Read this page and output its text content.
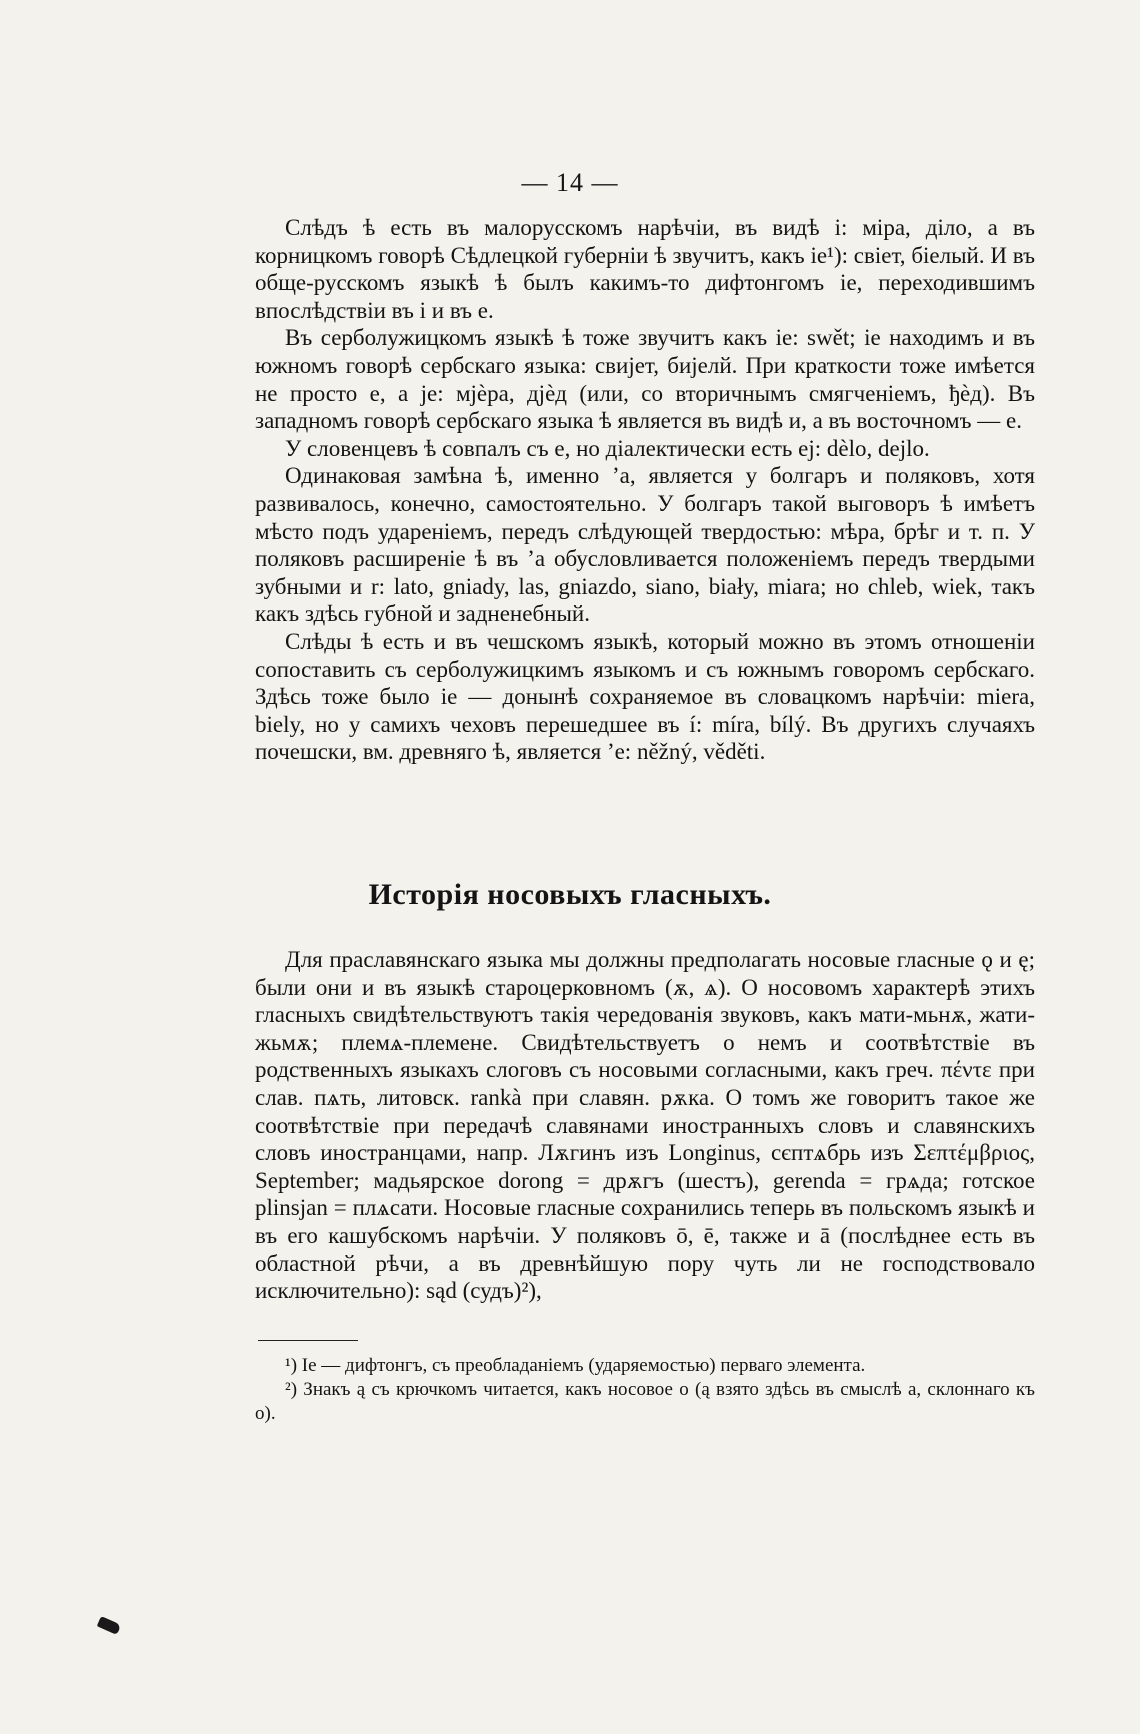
— 14 —

Слѣдъ ѣ есть въ малорусскомъ нарѣчіи, въ видѣ і: міра, діло, а въ корницкомъ говорѣ Сѣдлецкой губерніи ѣ звучитъ, какъ іе¹): свіет, біелый. И въ обще-русскомъ языкѣ ѣ былъ какимъ-то дифтонгомъ іе, переходившимъ впослѣдствіи въ і и въ е.

Въ серболужицкомъ языкѣ ѣ тоже звучитъ какъ іе: swět; іе находимъ и въ южномъ говорѣ сербскаго языка: свиjет, биjелй. При краткости тоже имѣется не просто е, а jе: мjèра, дjèд (или, со вторичнымъ смягченіемъ, ђèд). Въ западномъ говорѣ сербскаго языка ѣ является въ видѣ и, а въ восточномъ — е.

У словенцевъ ѣ совпалъ съ е, но діалектически есть еj: dèlo, dejlo.

Одинаковая замѣна ѣ, именно ʼа, является у болгаръ и поляковъ, хотя развивалось, конечно, самостоятельно. У болгаръ такой выговоръ ѣ имѣетъ мѣсто подъ удареніемъ, передъ слѣдующей твердостью: мѣра, брѣг и т. п. У поляковъ расширеніе ѣ въ ʼа обусловливается положеніемъ передъ твердыми зубными и r: lato, gniady, las, gniazdo, siano, biały, miara; но chleb, wiek, такъ какъ здѣсь губной и задненебный.

Слѣды ѣ есть и въ чешскомъ языкѣ, который можно въ этомъ отношеніи сопоставить съ серболужицкимъ языкомъ и съ южнымъ говоромъ сербскаго. Здѣсь тоже было іе — донынѣ сохраняемое въ словацкомъ нарѣчіи: miera, biely, но у самихъ чеховъ перешедшее въ í: míra, bílý. Въ другихъ случаяхъ почешски, вм. древняго ѣ, является ʼе: něžný, věděti.

Исторія носовыхъ гласныхъ.

Для праславянскаго языка мы должны предполагать носовые гласные ǫ и ę; были они и въ языкѣ староцерковномъ (ѫ, ѧ). О носовомъ характерѣ этихъ гласныхъ свидѣтельствуютъ такія чередованія звуковъ, какъ мати-мьнѫ, жати-жьмѫ; племѧ-племене. Свидѣтельствуетъ о немъ и соотвѣтствіе въ родственныхъ языкахъ слоговъ съ носовыми согласными, какъ греч. πέντε при слав. пѧть, литовск. rankà при славян. рѫка. О томъ же говоритъ такое же соотвѣтствіе при передачѣ славянами иностранныхъ словъ и славянскихъ словъ иностранцами, напр. Лѫгинъ изъ Longinus, сєптѧбрь изъ Σεπτέμβριος, September; мадьярское dorong = дрѫгъ (шестъ), gerenda = грѧда; готское plinsjan = плѧсати. Носовые гласные сохранились теперь въ польскомъ языкѣ и въ его кашубскомъ нарѣчіи. У поляковъ ō, ē, также и ā (послѣднее есть въ областной рѣчи, а въ древнѣйшую пору чуть ли не господствовало исключительно): sąd (судъ)²),

¹) Іе — дифтонгъ, съ преобладаніемъ (ударяемостью) перваго элемента.

²) Знакъ ą съ крючкомъ читается, какъ носовое о (ą взято здѣсь въ смыслѣ а, склоннаго къ о).
